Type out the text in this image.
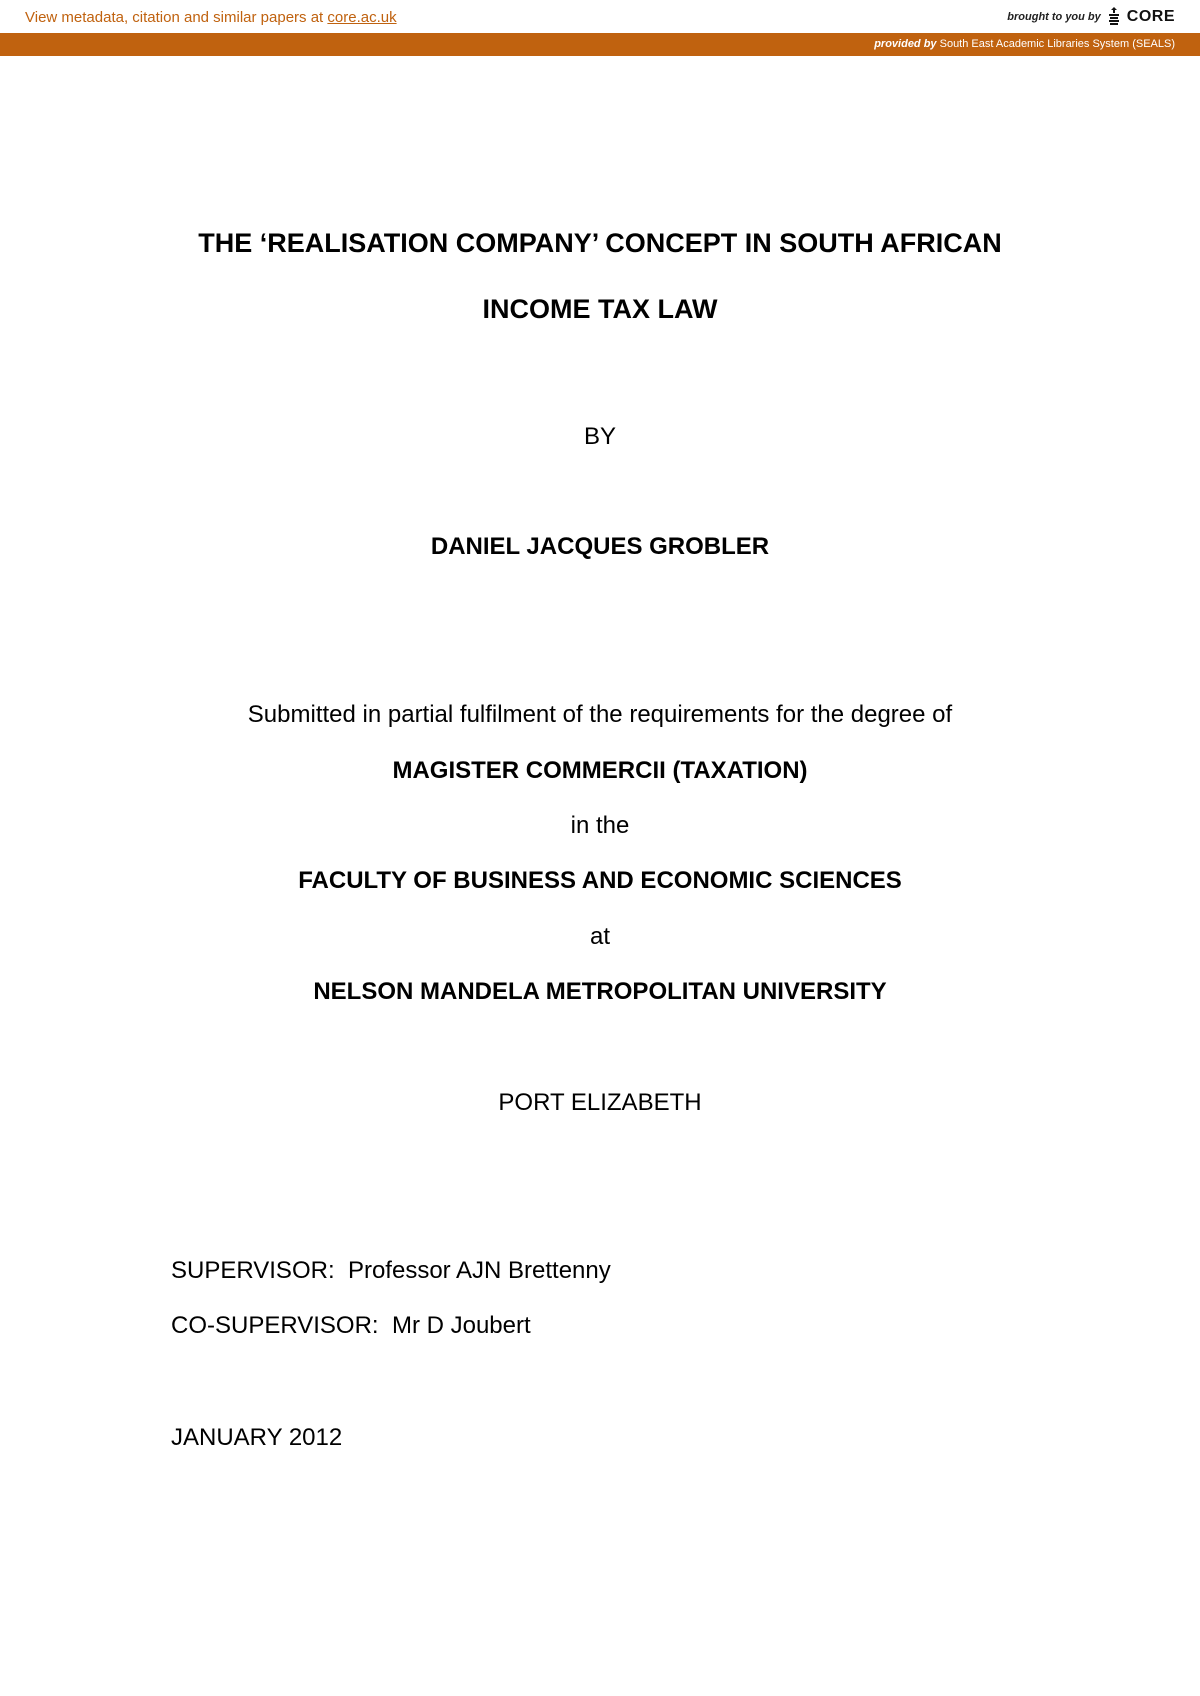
View metadata, citation and similar papers at core.ac.uk	brought to you by CORE
provided by South East Academic Libraries System (SEALS)
THE ‘REALISATION COMPANY’ CONCEPT IN SOUTH AFRICAN
INCOME TAX LAW
BY
DANIEL JACQUES GROBLER
Submitted in partial fulfilment of the requirements for the degree of
MAGISTER COMMERCII (TAXATION)
in the
FACULTY OF BUSINESS AND ECONOMIC SCIENCES
at
NELSON MANDELA METROPOLITAN UNIVERSITY
PORT ELIZABETH
SUPERVISOR: Professor AJN Brettenny
CO-SUPERVISOR: Mr D Joubert
JANUARY 2012
